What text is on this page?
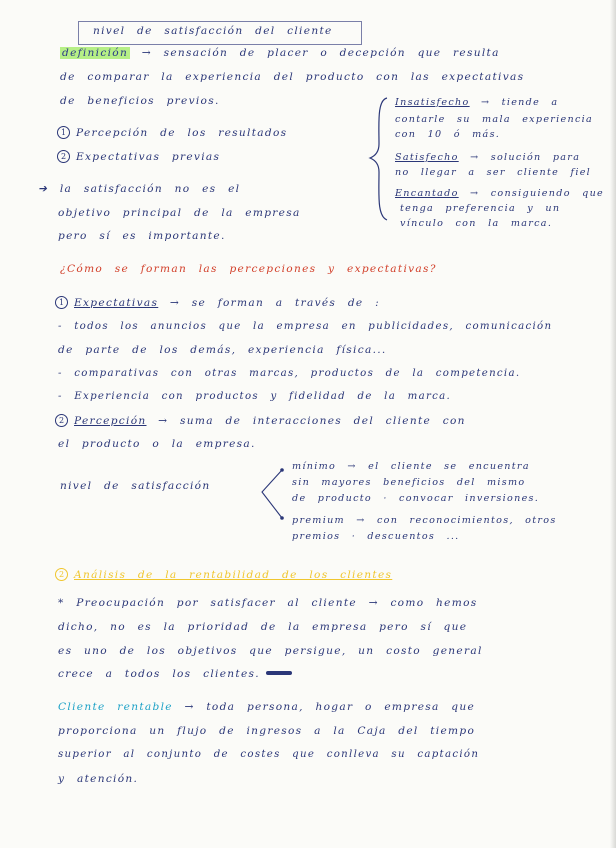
nivel de satisfacción del cliente
definición → sensación de placer o decepción que resulta
de comparar la experiencia del producto con las expectativas
de beneficios previos.
1 Percepción de los resultados
2 Expectativas previas
➔ la satisfacción no es el
objetivo principal de la empresa
pero sí es importante.
Insatisfecho → tiende a
contarle su mala experiencia
con 10 ó más.
Satisfecho → solución para
no llegar a ser cliente fiel
Encantado → consiguiendo que
tenga preferencia y un
vínculo con la marca.
¿Cómo se forman las percepciones y expectativas?
1 Expectativas → se forman a través de :
- todos los anuncios que la empresa en publicidades, comunicación
de parte de los demás, experiencia física...
- comparativas con otras marcas, productos de la competencia.
- Experiencia con productos y fidelidad de la marca.
2 Percepción → suma de interacciones del cliente con
el producto o la empresa.
nivel de satisfacción
mínimo → el cliente se encuentra
sin mayores beneficios del mismo
de producto · convocar inversiones.
premium → con reconocimientos, otros
premios · descuentos ...
2 Análisis de la rentabilidad de los clientes
* Preocupación por satisfacer al cliente → como hemos
dicho, no es la prioridad de la empresa pero sí que
es uno de los objetivos que persigue, un costo general
crece a todos los clientes.
Cliente rentable → toda persona, hogar o empresa que
proporciona un flujo de ingresos a la Caja del tiempo
superior al conjunto de costes que conlleva su captación
y atención.
